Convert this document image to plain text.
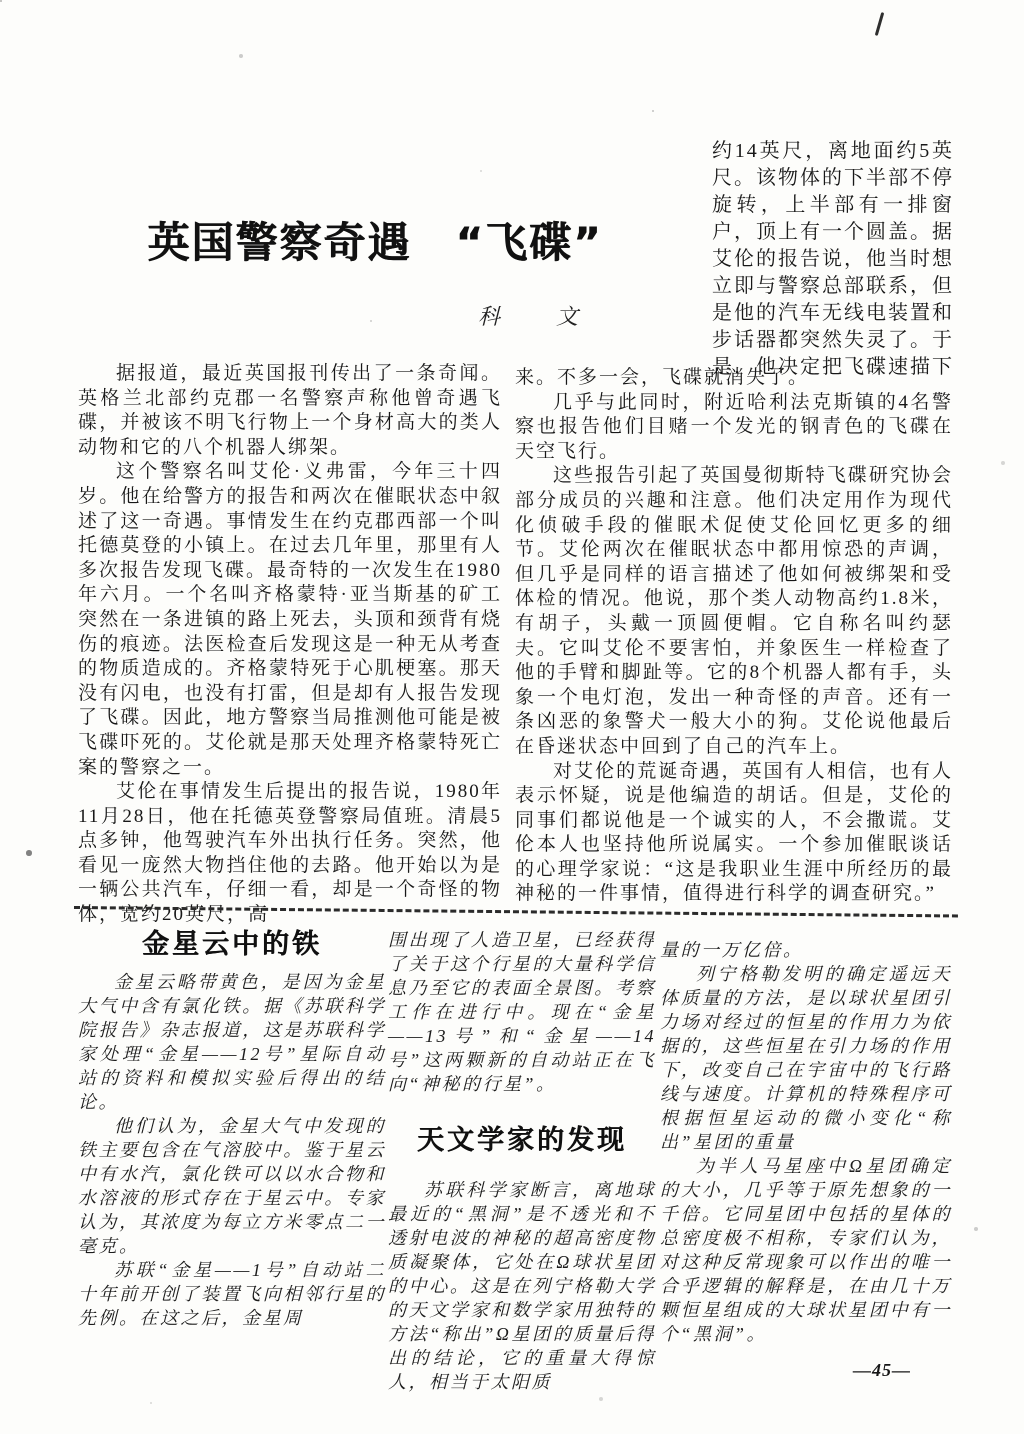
英国警察奇遇　“飞碟”
科　　文

约14英尺，离地面约5英尺。该物体的下半部不停旋转，上半部有一排窗户，顶上有一个圆盖。据艾伦的报告说，他当时想立即与警察总部联系，但是他的汽车无线电装置和步话器都突然失灵了。于是，他决定把飞碟速描下

据报道，最近英国报刊传出了一条奇闻。英格兰北部约克郡一名警察声称他曾奇遇飞碟，并被该不明飞行物上一个身材高大的类人动物和它的八个机器人绑架。

这个警察名叫艾伦·义弗雷，今年三十四岁。他在给警方的报告和两次在催眠状态中叙述了这一奇遇。事情发生在约克郡西部一个叫托德莫登的小镇上。在过去几年里，那里有人多次报告发现飞碟。最奇特的一次发生在1980年六月。一个名叫齐格蒙特·亚当斯基的矿工突然在一条进镇的路上死去，头顶和颈背有烧伤的痕迹。法医检查后发现这是一种无从考查的物质造成的。齐格蒙特死于心肌梗塞。那天没有闪电，也没有打雷，但是却有人报告发现了飞碟。因此，地方警察当局推测他可能是被飞碟吓死的。艾伦就是那天处理齐格蒙特死亡案的警察之一。

艾伦在事情发生后提出的报告说，1980年11月28日，他在托德英登警察局值班。清晨5点多钟，他驾驶汽车外出执行任务。突然，他看见一庞然大物挡住他的去路。他开始以为是一辆公共汽车，仔细一看，却是一个奇怪的物体，宽约20英尺，高

来。不多一会，飞碟就消失了。

几乎与此同时，附近哈利法克斯镇的4名警察也报告他们目赌一个发光的钢青色的飞碟在天空飞行。

这些报告引起了英国曼彻斯特飞碟研究协会部分成员的兴趣和注意。他们决定用作为现代化侦破手段的催眠术促使艾伦回忆更多的细节。艾伦两次在催眠状态中都用惊恐的声调，但几乎是同样的语言描述了他如何被绑架和受体检的情况。他说，那个类人动物高约1.8米，有胡子，头戴一顶圆便帽。它自称名叫约瑟夫。它叫艾伦不要害怕，并象医生一样检查了他的手臂和脚趾等。它的8个机器人都有手，头象一个电灯泡，发出一种奇怪的声音。还有一条凶恶的象警犬一般大小的狗。艾伦说他最后在昏迷状态中回到了自己的汽车上。

对艾伦的荒诞奇遇，英国有人相信，也有人表示怀疑，说是他编造的胡话。但是，艾伦的同事们都说他是一个诚实的人，不会撒谎。艾伦本人也坚持他所说属实。一个参加催眠谈话的心理学家说：“这是我职业生涯中所经历的最神秘的一件事情，值得进行科学的调查研究。”

金星云中的铁

金星云略带黄色，是因为金星大气中含有氯化铁。据《苏联科学院报告》杂志报道，这是苏联科学家处理“金星——12号”星际自动站的资料和模拟实验后得出的结论。

他们认为，金星大气中发现的铁主要包含在气溶胶中。鉴于星云中有水汽，氯化铁可以以水合物和水溶液的形式存在于星云中。专家认为，其浓度为每立方米零点二一毫克。

苏联“金星——1号”自动站二十年前开创了装置飞向相邻行星的先例。在这之后，金星周

围出现了人造卫星，已经获得了关于这个行星的大量科学信息乃至它的表面全景图。考察工作在进行中。现在“金星——13号”和“金星——14号”这两颗新的自动站正在飞向“神秘的行星”。

天文学家的发现

苏联科学家断言，离地球最近的“黑洞”是不透光和不透射电波的神秘的超高密度物质凝聚体，它处在Ω球状星团的中心。这是在列宁格勒大学的天文学家和数学家用独特的方法“称出”Ω星团的质量后得出的结论，它的重量大得惊人，相当于太阳质

量的一万亿倍。

列宁格勒发明的确定遥远天体质量的方法，是以球状星团引力场对经过的恒星的作用力为依据的，这些恒星在引力场的作用下，改变自己在宇宙中的飞行路线与速度。计算机的特殊程序可根据恒星运动的微小变化“称出”星团的重量

为半人马星座中Ω星团确定的大小，几乎等于原先想象的一千倍。它同星团中包括的星体的总密度极不相称，专家们认为，对这种反常现象可以作出的唯一合乎逻辑的解释是，在由几十万颗恒星组成的大球状星团中有一个“黑洞”。

—45—
